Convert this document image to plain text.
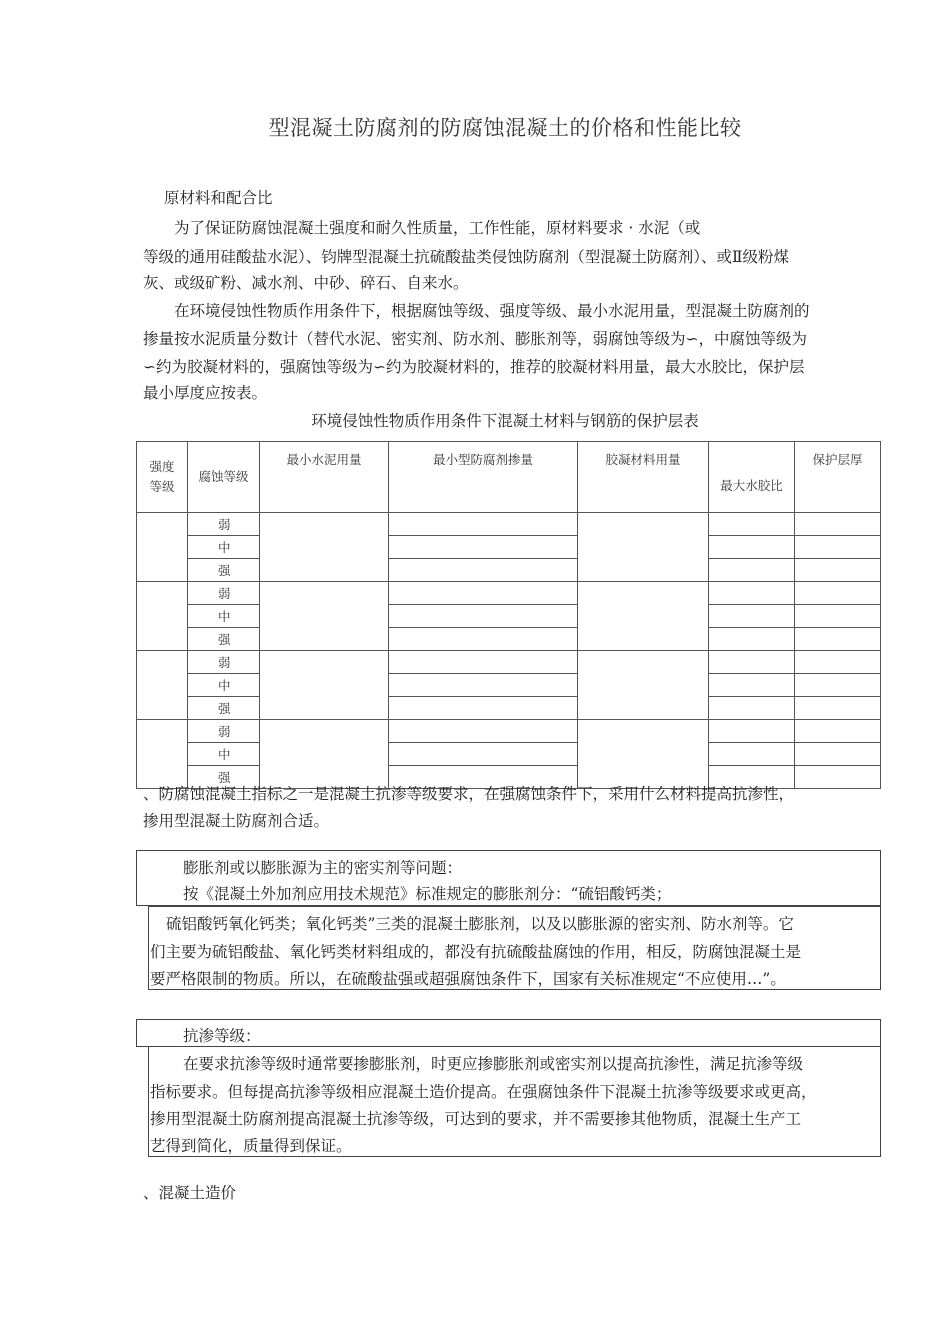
型混凝土防腐剂的防腐蚀混凝土的价格和性能比较
原材料和配合比
为了保证防腐蚀混凝土强度和耐久性质量，工作性能，原材料要求 · 水泥（或
等级的通用硅酸盐水泥）、钧牌型混凝土抗硫酸盐类侵蚀防腐剂（型混凝土防腐剂）、或Ⅱ级粉煤
灰、或级矿粉、减水剂、中砂、碎石、自来水。
在环境侵蚀性物质作用条件下，根据腐蚀等级、强度等级、最小水泥用量，型混凝土防腐剂的
掺量按水泥质量分数计（替代水泥、密实剂、防水剂、膨胀剂等，弱腐蚀等级为∽，中腐蚀等级为
∽约为胶凝材料的，强腐蚀等级为∽约为胶凝材料的，推荐的胶凝材料用量，最大水胶比，保护层
最小厚度应按表。
环境侵蚀性物质作用条件下混凝土材料与钢筋的保护层表
强度
等级	腐蚀等级	最小水泥用量	最小型防腐剂掺量	胶凝材料用量	最大水胶比	保护层厚
	弱					
	中					
	强					
	弱					
	中					
	强					
	弱					
	中					
	强					
	弱					
	中					
	强					
、防腐蚀混凝土指标之一是混凝土抗渗等级要求，在强腐蚀条件下，采用什么材料提高抗渗性，
掺用型混凝土防腐剂合适。
膨胀剂或以膨胀源为主的密实剂等问题：
按《混凝土外加剂应用技术规范》标准规定的膨胀剂分：“硫铝酸钙类；
硫铝酸钙氧化钙类；氧化钙类”三类的混凝土膨胀剂，以及以膨胀源的密实剂、防水剂等。它
们主要为硫铝酸盐、氧化钙类材料组成的，都没有抗硫酸盐腐蚀的作用，相反，防腐蚀混凝土是
要严格限制的物质。所以，在硫酸盐强或超强腐蚀条件下，国家有关标准规定“不应使用…”。
抗渗等级：
在要求抗渗等级时通常要掺膨胀剂，时更应掺膨胀剂或密实剂以提高抗渗性，满足抗渗等级
指标要求。但每提高抗渗等级相应混凝土造价提高。在强腐蚀条件下混凝土抗渗等级要求或更高，
掺用型混凝土防腐剂提高混凝土抗渗等级，可达到的要求，并不需要掺其他物质，混凝土生产工
艺得到简化，质量得到保证。
、混凝土造价
